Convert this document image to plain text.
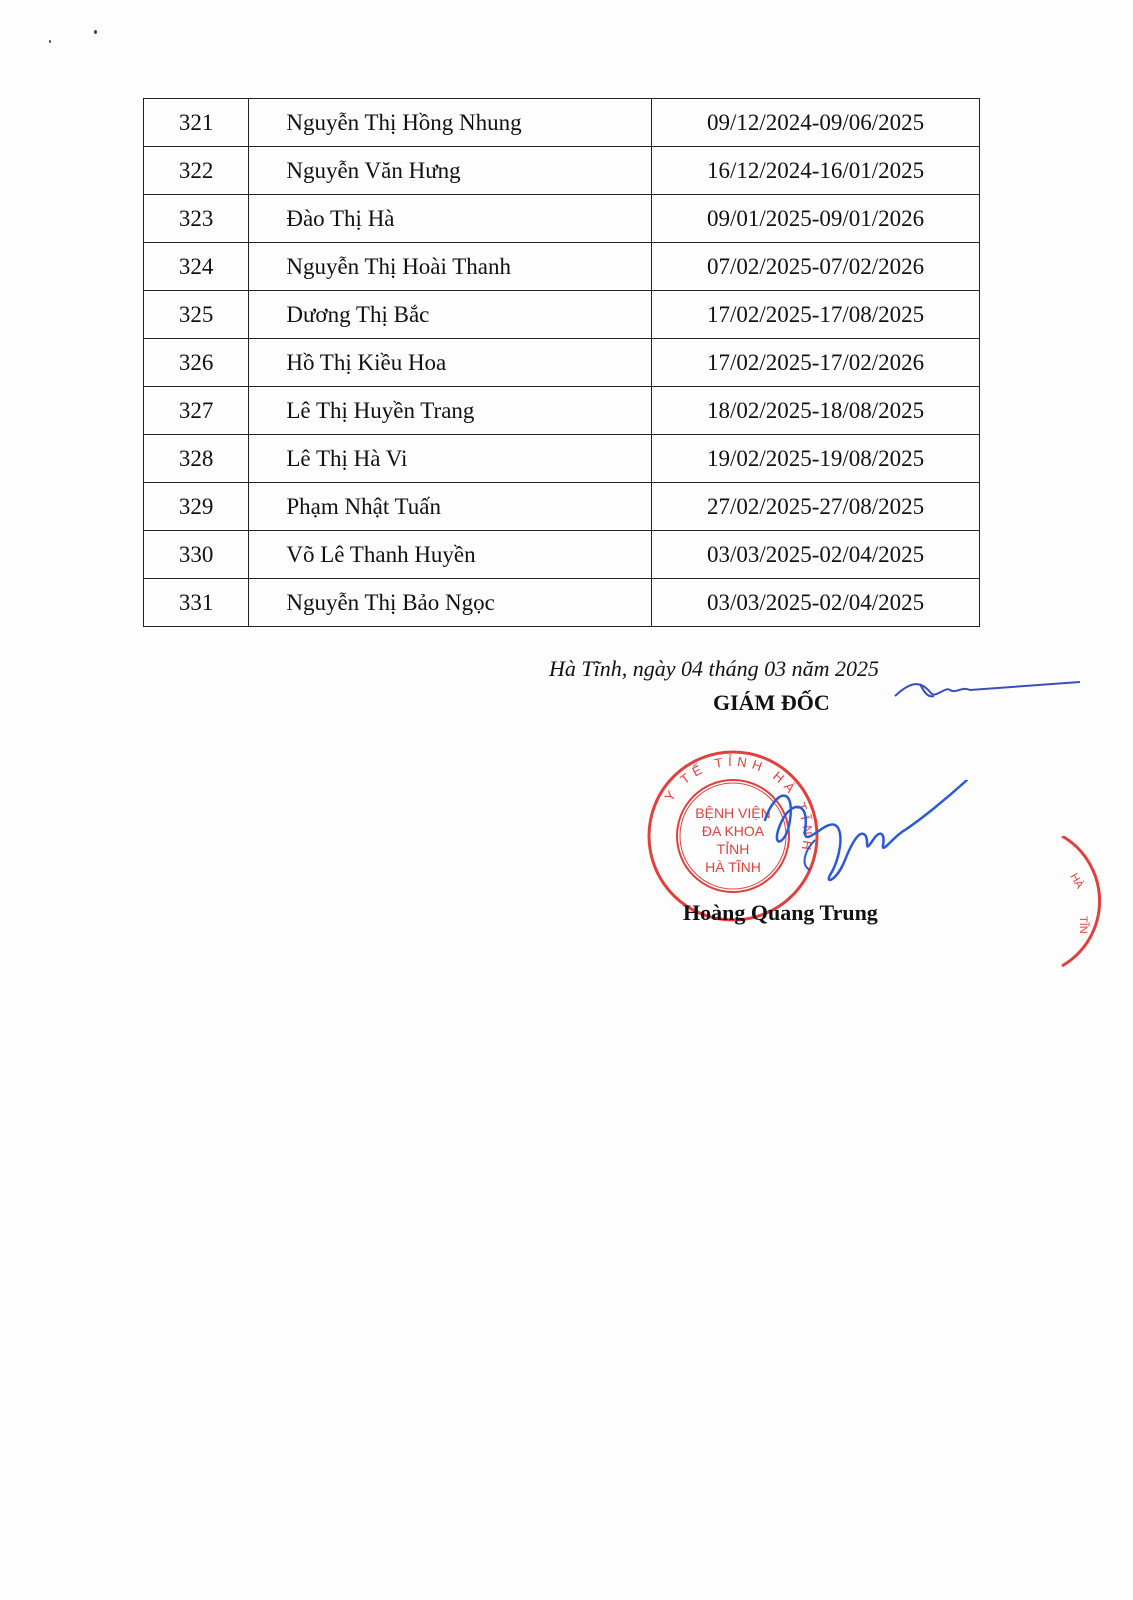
321	Nguyễn Thị Hồng Nhung	09/12/2024-09/06/2025
322	Nguyễn Văn Hưng	16/12/2024-16/01/2025
323	Đào Thị Hà	09/01/2025-09/01/2026
324	Nguyễn Thị Hoài Thanh	07/02/2025-07/02/2026
325	Dương Thị Bắc	17/02/2025-17/08/2025
326	Hồ Thị Kiều Hoa	17/02/2025-17/02/2026
327	Lê Thị Huyền Trang	18/02/2025-18/08/2025
328	Lê Thị Hà Vi	19/02/2025-19/08/2025
329	Phạm Nhật Tuấn	27/02/2025-27/08/2025
330	Võ Lê Thanh Huyền	03/03/2025-02/04/2025
331	Nguyễn Thị Bảo Ngọc	03/03/2025-02/04/2025
Hà Tĩnh, ngày 04 tháng 03 năm 2025
GIÁM ĐỐC
Y TẾ TỈNH HÀ TĨNH
BỆNH VIỆN
ĐA KHOA
TỈNH
HÀ TĨNH
Hoàng Quang Trung
HÀ
TĨN
